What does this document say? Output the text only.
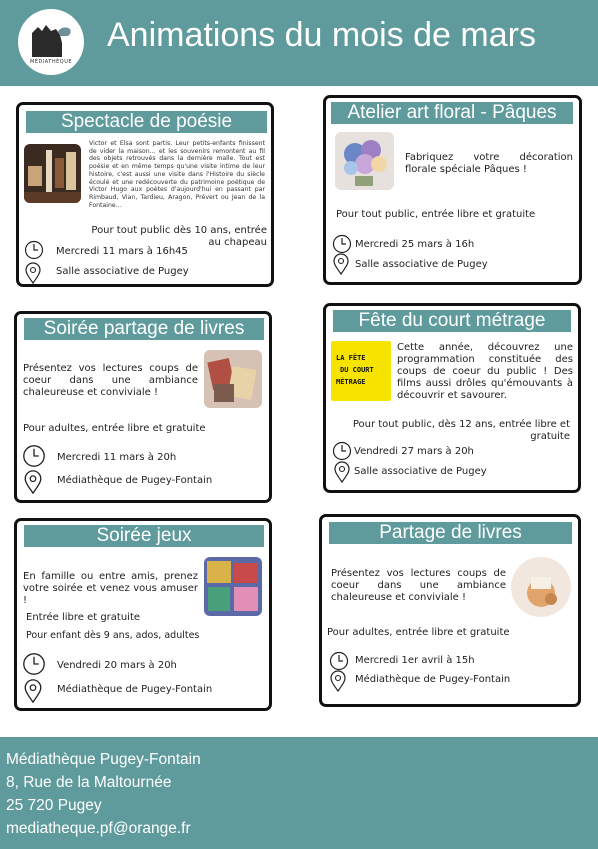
MÉDIATHÈQUE
Animations du mois de mars
Spectacle de poésie
Victor et Elsa sont partis. Leur petits-enfants finissent de vider la maison… et les souvenirs remontent au fil des objets retrouvés dans la dernière malle. Tout est poésie et en même temps qu'une visite intime de leur histoire, c'est aussi une visite dans l'Histoire du siècle écoulé et une redécouverte du patrimoine poétique de Victor Hugo aux poètes d'aujourd'hui en passant par Rimbaud, Vian, Tardieu, Aragon, Prévert ou Jean de la Fontaine…
Pour tout public dès 10 ans, entrée au chapeau
Mercredi 11 mars à 16h45
Salle associative de Pugey
Atelier art floral - Pâques
Fabriquez votre décoration florale spéciale Pâques !
Pour tout public, entrée libre et gratuite
Mercredi 25 mars à 16h
Salle associative de Pugey
Soirée partage de livres
Présentez vos lectures coups de coeur dans une ambiance chaleureuse et conviviale !
Pour adultes, entrée libre et gratuite
Mercredi 11 mars à 20h
Médiathèque de Pugey-Fontain
Fête du court métrage
LA FÊTE
DU COURT
MÉTRAGE
Cette année, découvrez une programmation constituée des coups de coeur du public ! Des films aussi drôles qu'émouvants à découvrir et savourer.
Pour tout public, dès 12 ans, entrée libre et gratuite
Vendredi 27 mars à 20h
Salle associative de Pugey
Soirée jeux
En famille ou entre amis, prenez votre soirée et venez vous amuser !
Entrée libre et gratuite
Pour enfant dès 9 ans, ados, adultes
Vendredi 20 mars à 20h
Médiathèque de Pugey-Fontain
Partage de livres
Présentez vos lectures coups de coeur dans une ambiance chaleureuse et conviviale !
Pour adultes, entrée libre et gratuite
Mercredi 1er avril à 15h
Médiathèque de Pugey-Fontain
Médiathèque Pugey-Fontain
8, Rue de la Maltournée
25 720 Pugey
mediatheque.pf@orange.fr
